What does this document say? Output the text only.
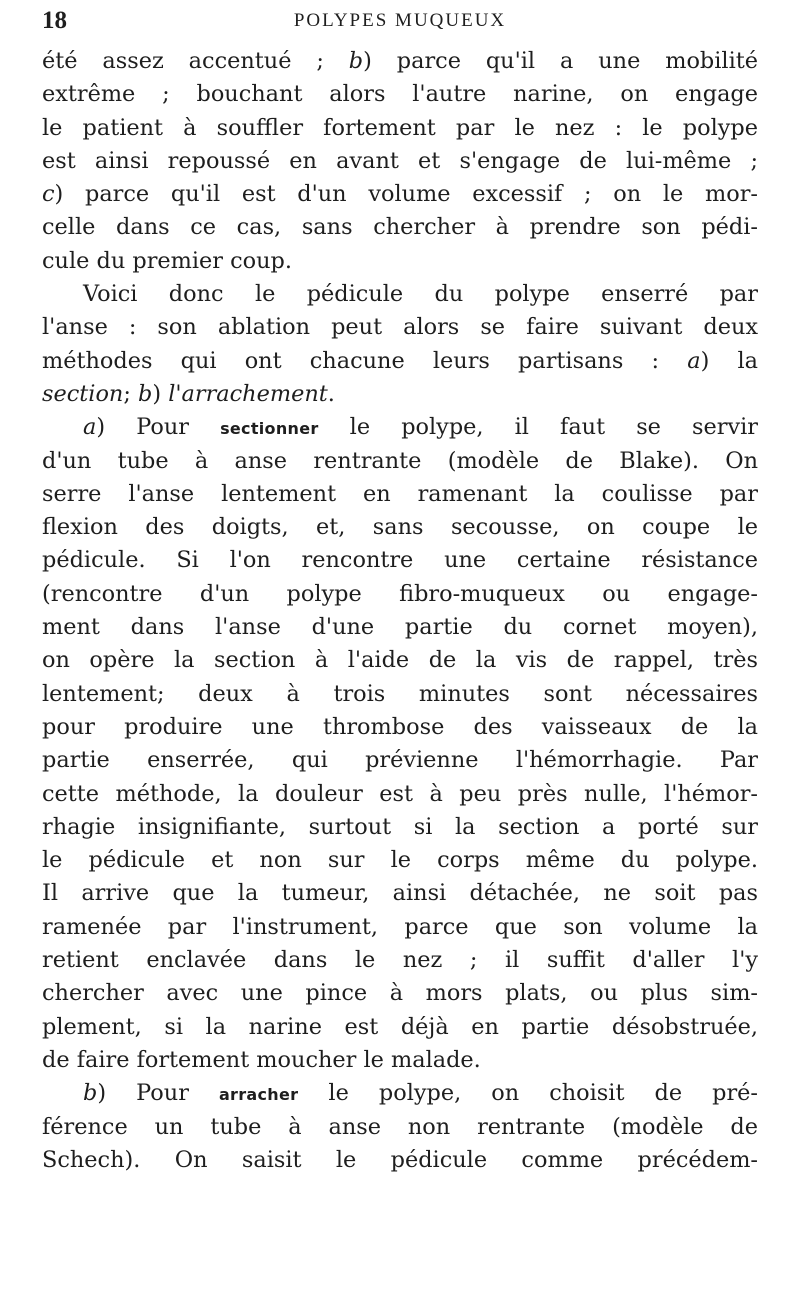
18	POLYPES MUQUEUX
été assez accentué ; b) parce qu'il a une mobilité
extrême ; bouchant alors l'autre narine, on engage
le patient à souffler fortement par le nez : le polype
est ainsi repoussé en avant et s'engage de lui-même ;
c) parce qu'il est d'un volume excessif ; on le mor-
celle dans ce cas, sans chercher à prendre son pédi-
cule du premier coup.
Voici donc le pédicule du polype enserré par
l'anse : son ablation peut alors se faire suivant deux
méthodes qui ont chacune leurs partisans : a) la
section; b) l'arrachement.
a) Pour sectionner le polype, il faut se servir
d'un tube à anse rentrante (modèle de Blake). On
serre l'anse lentement en ramenant la coulisse par
flexion des doigts, et, sans secousse, on coupe le
pédicule. Si l'on rencontre une certaine résistance
(rencontre d'un polype fibro-muqueux ou engage-
ment dans l'anse d'une partie du cornet moyen),
on opère la section à l'aide de la vis de rappel, très
lentement; deux à trois minutes sont nécessaires
pour produire une thrombose des vaisseaux de la
partie enserrée, qui prévienne l'hémorrhagie. Par
cette méthode, la douleur est à peu près nulle, l'hémor-
rhagie insignifiante, surtout si la section a porté sur
le pédicule et non sur le corps même du polype.
Il arrive que la tumeur, ainsi détachée, ne soit pas
ramenée par l'instrument, parce que son volume la
retient enclavée dans le nez ; il suffit d'aller l'y
chercher avec une pince à mors plats, ou plus sim-
plement, si la narine est déjà en partie désobstruée,
de faire fortement moucher le malade.
b) Pour arracher le polype, on choisit de pré-
férence un tube à anse non rentrante (modèle de
Schech). On saisit le pédicule comme précédem-
